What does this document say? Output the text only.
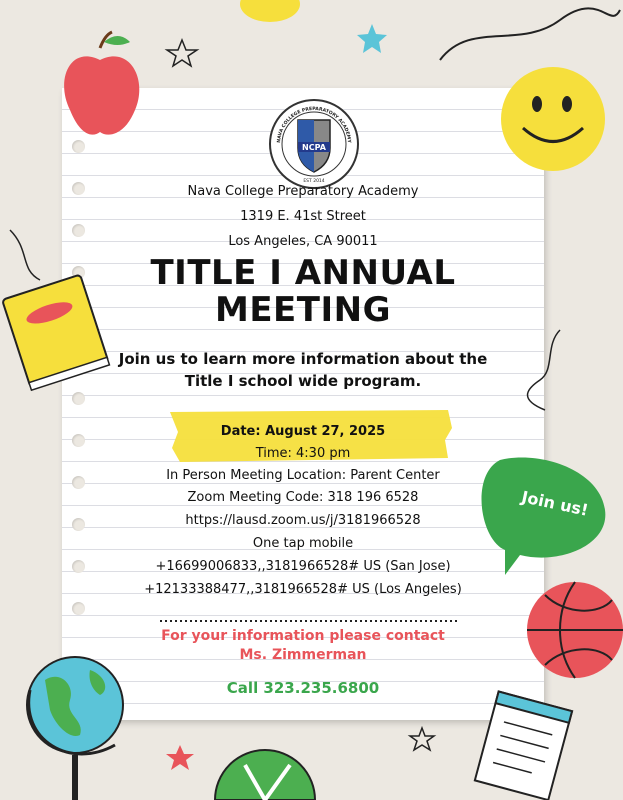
NCPA
EST 2014
NAVA COLLEGE PREPARATORY ACADEMY
Nava College Preparatory Academy
1319 E. 41st Street
Los Angeles, CA 90011
TITLE I ANNUAL
MEETING
Join us to learn more information about the
Title I school wide program.
Date: August 27, 2025
Time: 4:30 pm
In Person Meeting Location: Parent Center
Zoom Meeting Code: 318 196 6528
https://lausd.zoom.us/j/3181966528
One tap mobile
+16699006833,,3181966528# US (San Jose)
+12133388477,,3181966528# US (Los Angeles)
For your information please contact
Ms. Zimmerman
Call 323.235.6800
Join us!
